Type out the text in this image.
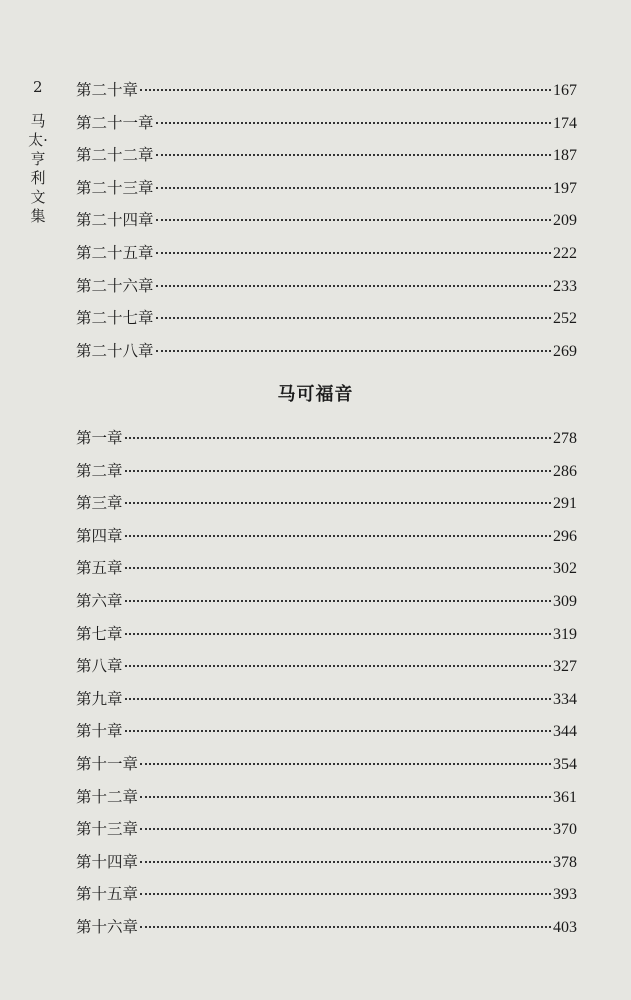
2
马太·亨利文集
第二十章	167
第二十一章	174
第二十二章	187
第二十三章	197
第二十四章	209
第二十五章	222
第二十六章	233
第二十七章	252
第二十八章	269
马可福音
第一章	278
第二章	286
第三章	291
第四章	296
第五章	302
第六章	309
第七章	319
第八章	327
第九章	334
第十章	344
第十一章	354
第十二章	361
第十三章	370
第十四章	378
第十五章	393
第十六章	403
